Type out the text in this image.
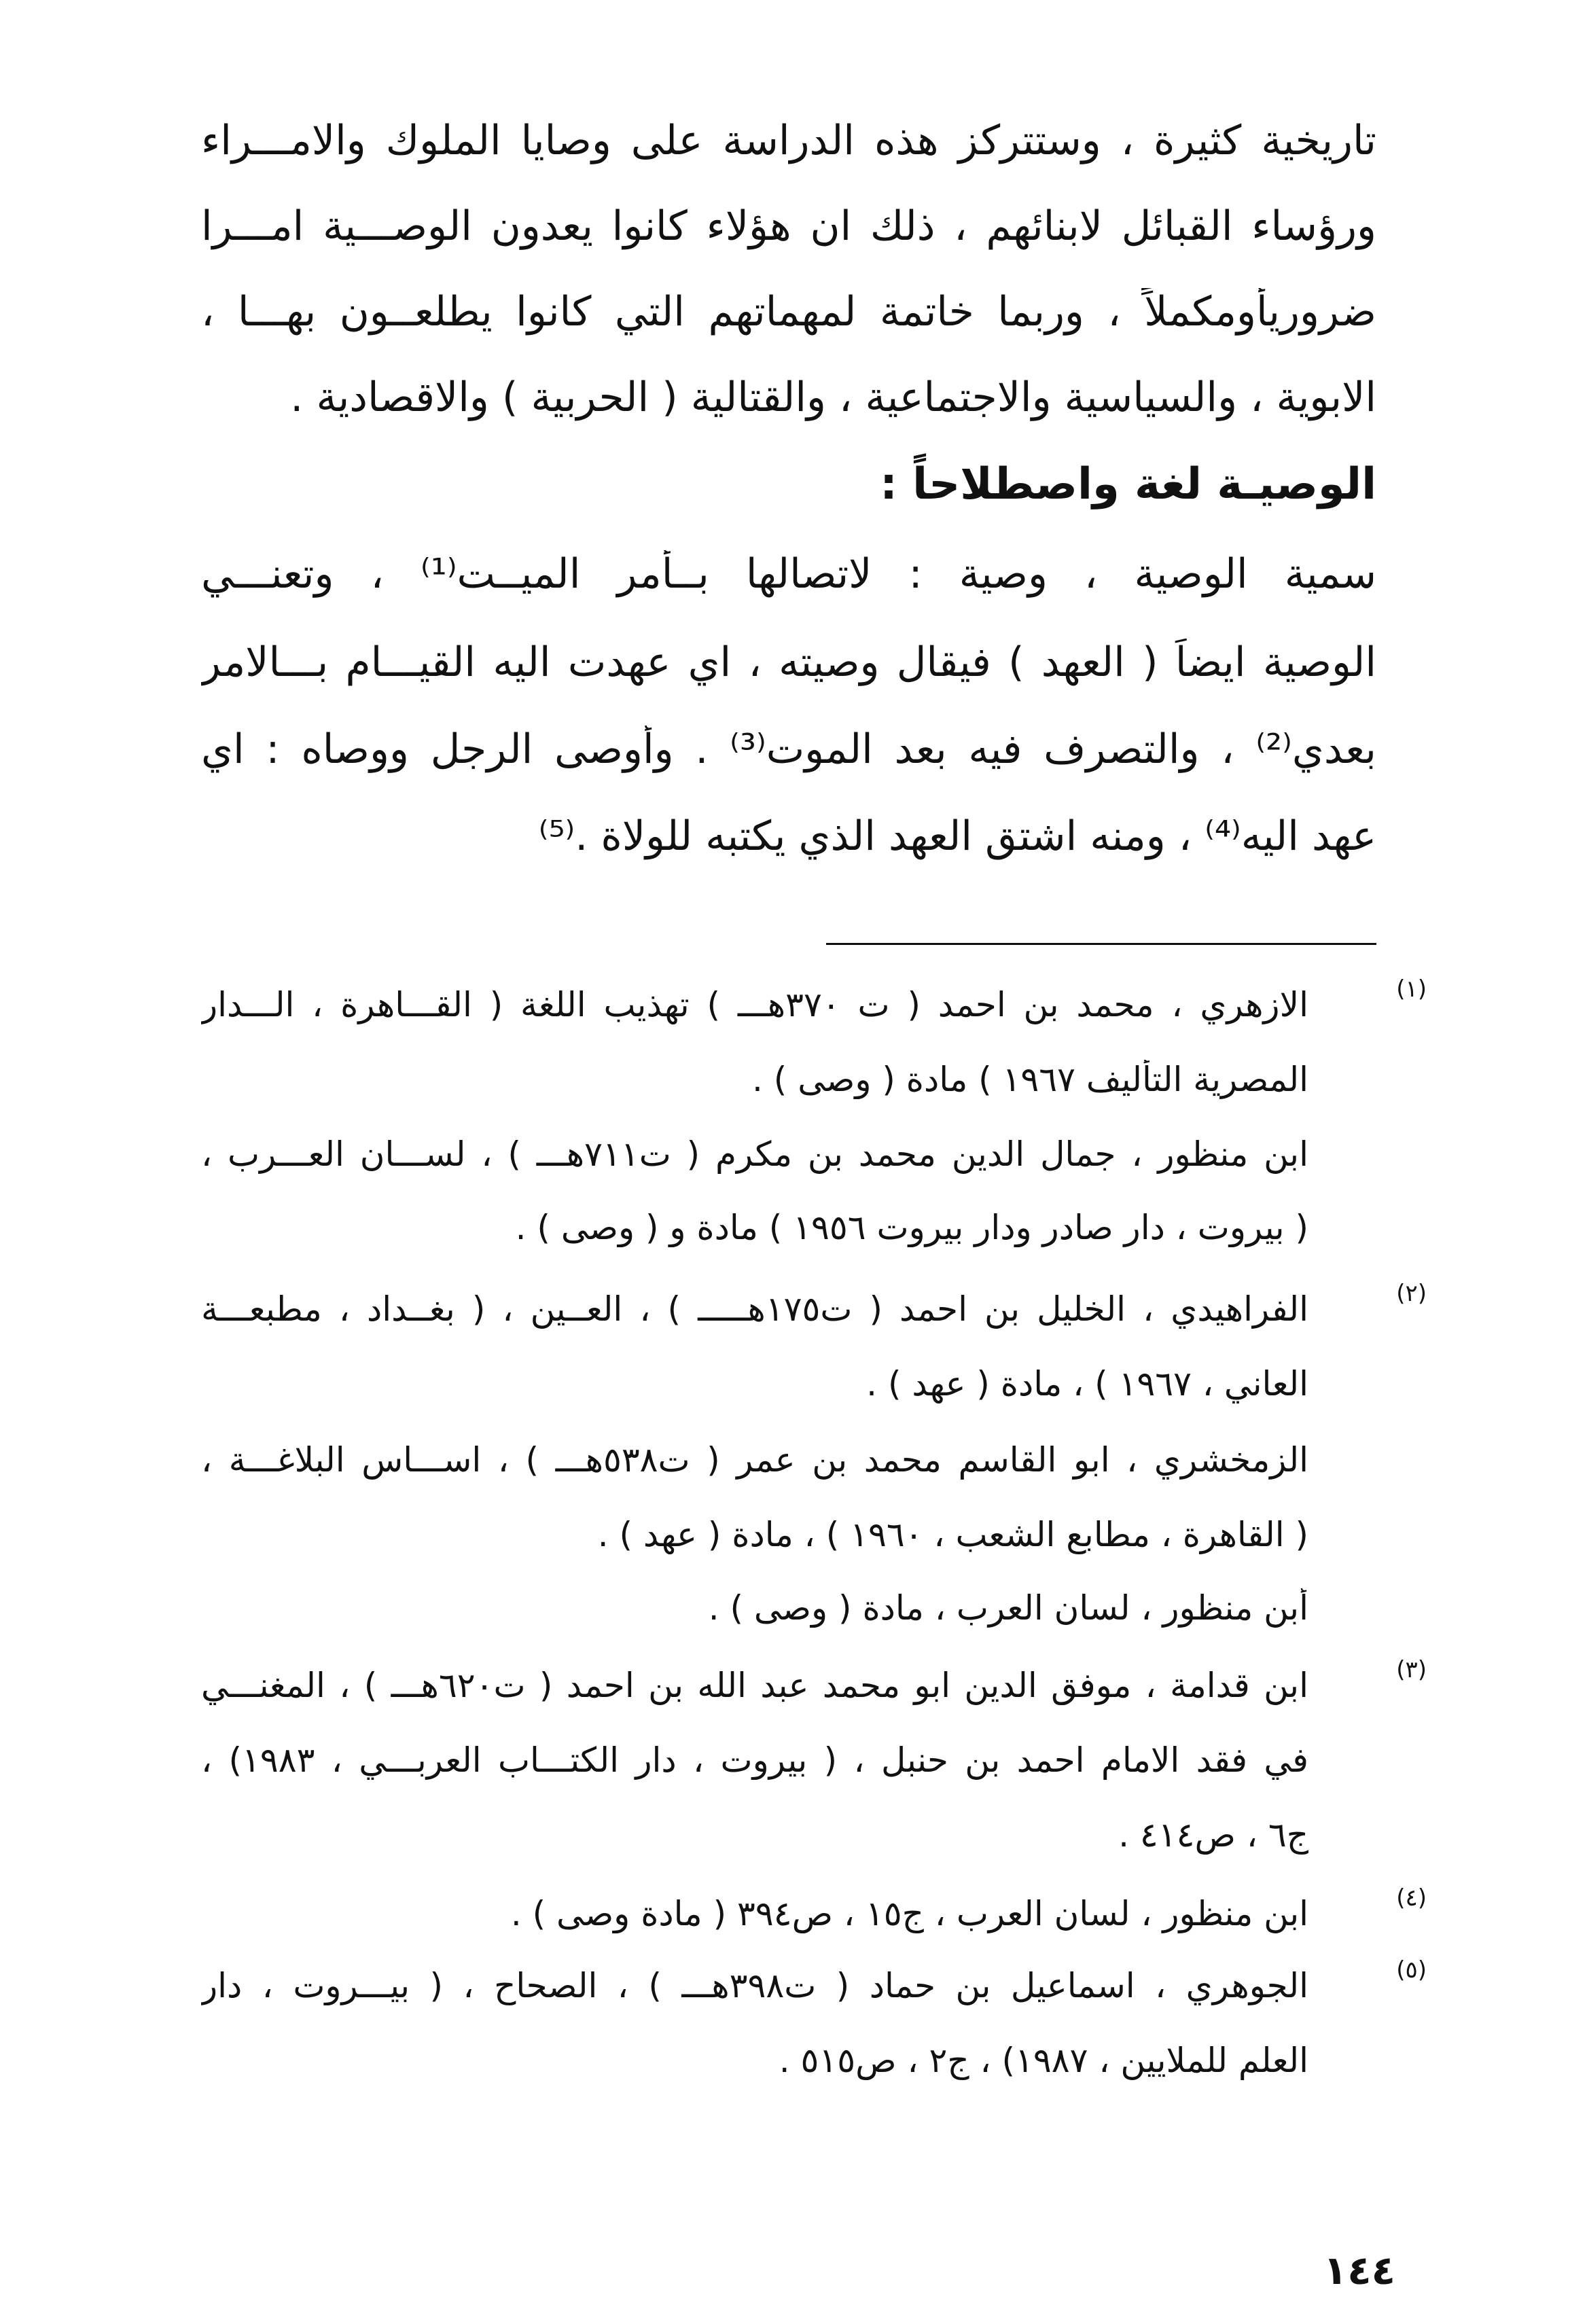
تاريخية كثيرة ، وستتركز هذه الدراسة على وصايا الملوك والامـــراء
ورؤساء القبائل لابنائهم ، ذلك ان هؤلاء كانوا يعدون الوصـــية امـــرا
ضروريأومكملاً ، وربما خاتمة لمهماتهم التي كانوا يطلعــون بهـــا ،
الابوية ، والسياسية والاجتماعية ، والقتالية ( الحربية ) والاقصادية .
الوصيـة لغة واصطلاحاً :
سمية الوصية ، وصية : لاتصالها بــأمر الميــت⁽¹⁾ ، وتعنـــي
الوصية ايضاً ( العهد ) فيقال وصيته ، اي عهدت اليه القيـــام بـــالامر
بعدي⁽²⁾ ، والتصرف فيه بعد الموت⁽³⁾ . وأوصى الرجل ووصاه : اي
عهد اليه⁽⁴⁾ ، ومنه اشتق العهد الذي يكتبه للولاة .⁽⁵⁾
(١)
الازهري ، محمد بن احمد ( ت ٣٧٠هـــ ) تهذيب اللغة ( القـــاهرة ، الـــدار
المصرية التأليف ١٩٦٧ ) مادة ( وصى ) .
ابن منظور ، جمال الدين محمد بن مكرم ( ت٧١١هـــ ) ، لســـان العـــرب ،
( بيروت ، دار صادر ودار بيروت ١٩٥٦ ) مادة و ( وصى ) .
(٢)
الفراهيدي ، الخليل بن احمد ( ت١٧٥هـــــ ) ، العــين ، ( بغــداد ، مطبعـــة
العاني ، ١٩٦٧ ) ، مادة ( عهد ) .
الزمخشري ، ابو القاسم محمد بن عمر ( ت٥٣٨هـــ ) ، اســـاس البلاغـــة ،
( القاهرة ، مطابع الشعب ، ١٩٦٠ ) ، مادة ( عهد ) .
أبن منظور ، لسان العرب ، مادة ( وصى ) .
(٣)
ابن قدامة ، موفق الدين ابو محمد عبد الله بن احمد ( ت٦٢٠هـــ ) ، المغنـــي
في فقد الامام احمد بن حنبل ، ( بيروت ، دار الكتـــاب العربـــي ، ١٩٨٣) ،
ج٦ ، ص٤١٤ .
(٤)
ابن منظور ، لسان العرب ، ج١٥ ، ص٣٩٤ ( مادة وصى ) .
(٥)
الجوهري ، اسماعيل بن حماد ( ت٣٩٨هـــ ) ، الصحاح ، ( بيـــروت ، دار
العلم للملايين ، ١٩٨٧) ، ج٢ ، ص٥١٥ .
١٤٤
